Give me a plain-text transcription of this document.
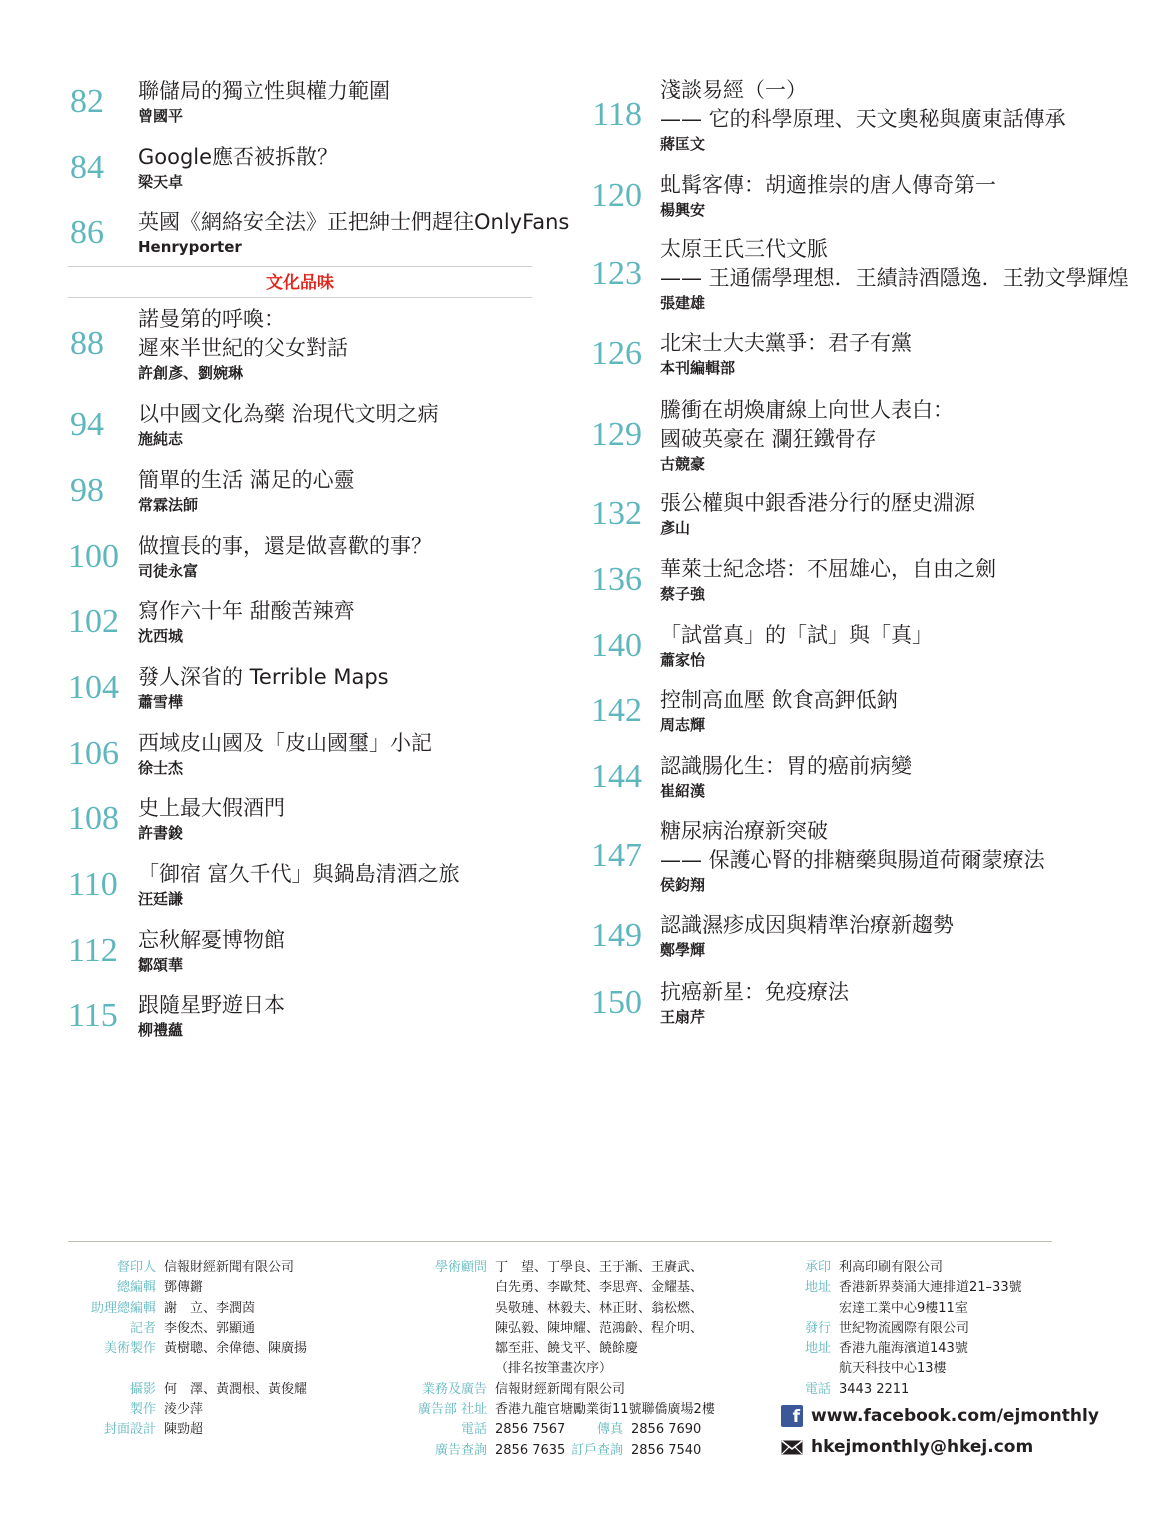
82 聯儲局的獨立性與權力範圍
曾國平
84 Google應否被拆散？
梁天卓
86 英國《網絡安全法》正把紳士們趕往OnlyFans
Henryporter
88
諾曼第的呼喚：
遲來半世紀的父女對話
許創彥、劉婉琳
94 以中國文化為藥 治現代文明之病
施純志
98 簡單的生活 滿足的心靈
常霖法師
100 做擅長的事，還是做喜歡的事？
司徒永富
102 寫作六十年 甜酸苦辣齊
沈西城
104 發人深省的 Terrible Maps
蕭雪樺
106 西域皮山國及「皮山國璽」小記
徐士杰
108 史上最大假酒門
許書鋑
110 「御宿 富久千代」與鍋島清酒之旅
汪廷謙
112 忘秋解憂博物館
鄒頌華
115 跟隨星野遊日本
柳禮蘊
文化品味
118
淺談易經（一）
—— 它的科學原理、天文奧秘與廣東話傳承
蔣匡文
120 虬髯客傳：胡適推崇的唐人傳奇第一
楊興安
123
太原王氏三代文脈
—— 王通儒學理想．王績詩酒隱逸．王勃文學輝煌
張建雄
126 北宋士大夫黨爭：君子有黨
本刊編輯部
129
騰衝在胡煥庸線上向世人表白：
國破英豪在 瀾狂鐵骨存
古競豪
132 張公權與中銀香港分行的歷史淵源
彥山
136 華萊士紀念塔：不屈雄心，自由之劍
蔡子強
140 「試當真」的「試」與「真」
蕭家怡
142 控制高血壓 飲食高鉀低鈉
周志輝
144 認識腸化生：胃的癌前病變
崔紹漢
147
糖尿病治療新突破
—— 保護心腎的排糖藥與腸道荷爾蒙療法
侯鈞翔
149 認識濕疹成因與精準治療新趨勢
鄭學輝
150 抗癌新星：免疫療法
王扇芹
督印人 信報財經新聞有限公司
總編輯 鄧傳鏘
助理總編輯 謝　立、李潤茵
記者 李俊杰、郭顯通
美術製作 黃樹聰、余偉德、陳廣揚
攝影 何　澤、黃潤根、黃俊耀
製作 淩少萍
封面設計 陳勁超
學術顧問 丁　望、丁學良、王于漸、王賡武、
白先勇、李歐梵、李思齊、金耀基、
吳敬璉、林毅夫、林正財、翁松燃、
陳弘毅、陳坤耀、范鴻齡、程介明、
鄒至莊、饒戈平、饒餘慶
（排名按筆畫次序）
業務及廣告 信報財經新聞有限公司
廣告部 社址 香港九龍官塘勵業街11號聯僑廣場2樓
電話 2856 7567 傳真 2856 7690
廣告查詢 2856 7635 訂戶查詢 2856 7540
承印 利高印刷有限公司
地址 香港新界葵涌大連排道21–33號
宏達工業中心9樓11室
發行 世紀物流國際有限公司
地址 香港九龍海濱道143號
航天科技中心13樓
電話 3443 2211
f www.facebook.com/ejmonthly
hkejmonthly@hkej.com
